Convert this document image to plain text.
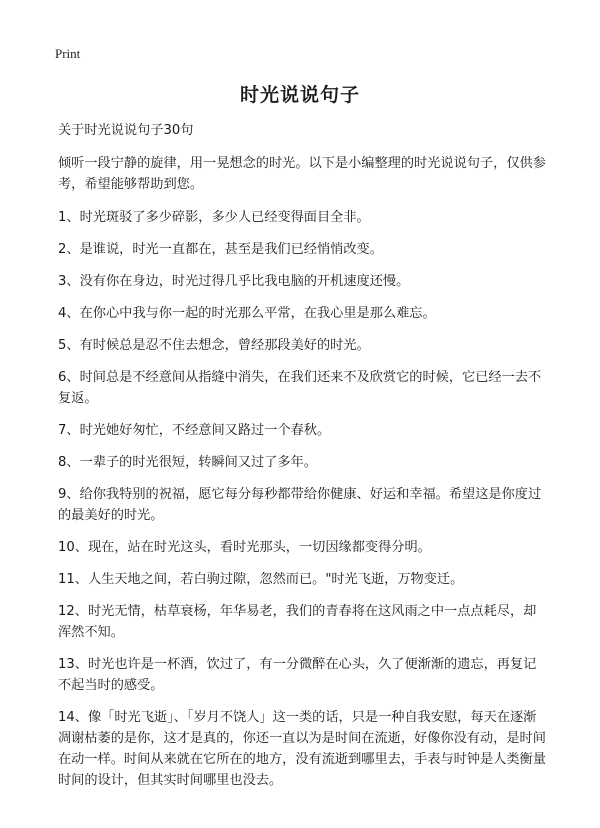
Print
时光说说句子

关于时光说说句子30句

倾听一段宁静的旋律，用一晃想念的时光。以下是小编整理的时光说说句子，仅供参考，希望能够帮助到您。

1、时光斑驳了多少碎影，多少人已经变得面目全非。

2、是谁说，时光一直都在，甚至是我们已经悄悄改变。

3、没有你在身边，时光过得几乎比我电脑的开机速度还慢。

4、在你心中我与你一起的时光那么平常，在我心里是那么难忘。

5、有时候总是忍不住去想念，曾经那段美好的时光。

6、时间总是不经意间从指缝中消失，在我们还来不及欣赏它的时候，它已经一去不复返。

7、时光她好匆忙，不经意间又路过一个春秋。

8、一辈子的时光很短，转瞬间又过了多年。

9、给你我特别的祝福，愿它每分每秒都带给你健康、好运和幸福。希望这是你度过的最美好的时光。

10、现在，站在时光这头，看时光那头，一切因缘都变得分明。

11、人生天地之间，若白驹过隙，忽然而已。"时光飞逝，万物变迁。

12、时光无情，枯草衰杨，年华易老，我们的青春将在这风雨之中一点点耗尽，却浑然不知。

13、时光也许是一杯酒，饮过了，有一分微醉在心头，久了便渐渐的遗忘，再复记不起当时的感受。

14、像「时光飞逝」、「岁月不饶人」这一类的话，只是一种自我安慰，每天在逐渐凋谢枯萎的是你，这才是真的，你还一直以为是时间在流逝，好像你没有动，是时间在动一样。时间从来就在它所在的地方，没有流逝到哪里去，手表与时钟是人类衡量时间的设计，但其实时间哪里也没去。
